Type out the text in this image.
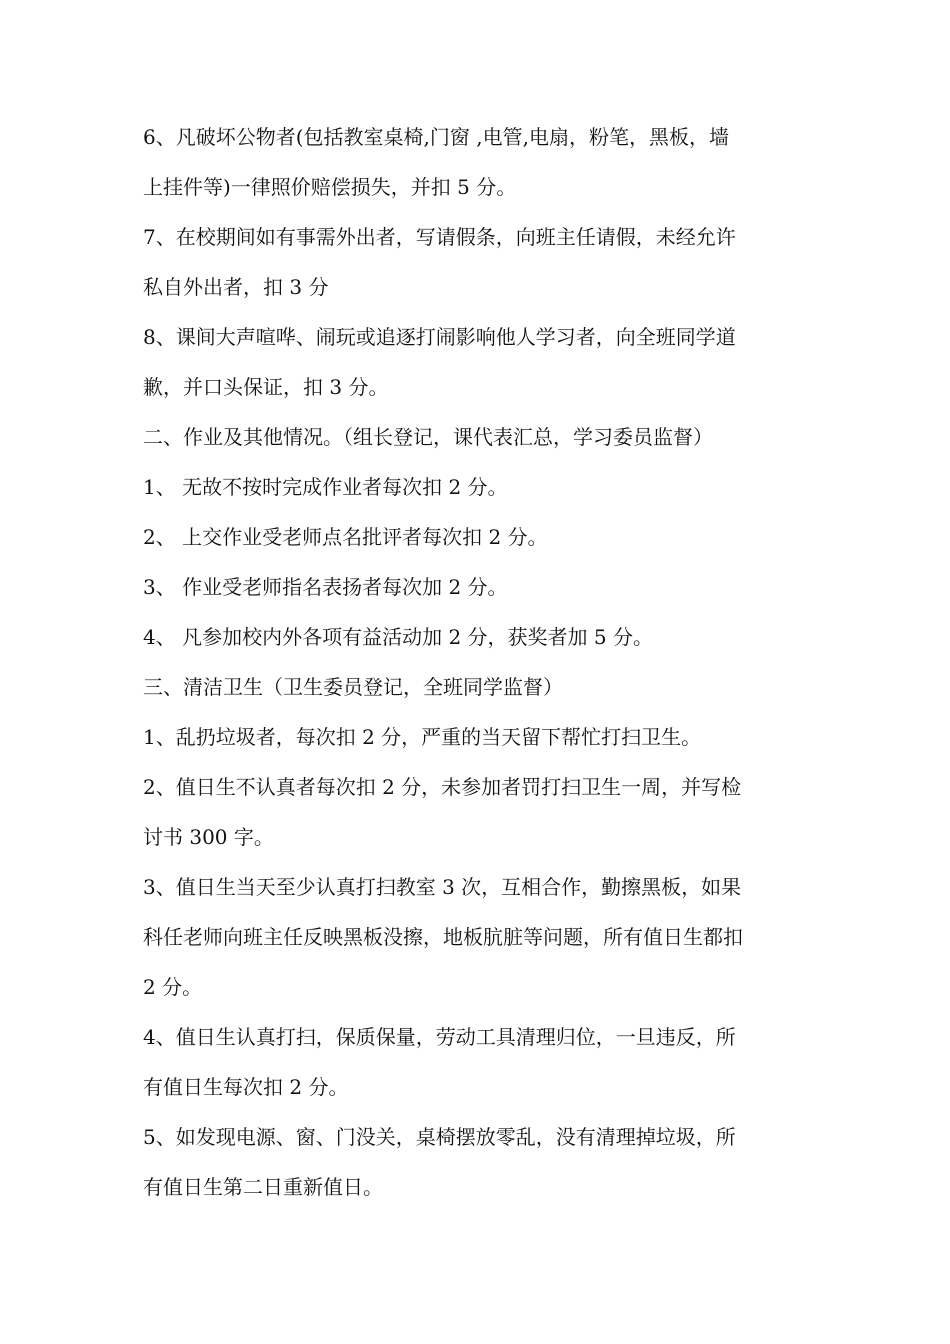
6、凡破坏公物者(包括教室桌椅,门窗 ,电管,电扇，粉笔，黑板，墙
上挂件等)一律照价赔偿损失，并扣 5 分。
7、在校期间如有事需外出者，写请假条，向班主任请假，未经允许
私自外出者，扣 3 分
8、课间大声喧哗、闹玩或追逐打闹影响他人学习者，向全班同学道
歉，并口头保证，扣 3 分。
二、作业及其他情况。（组长登记，课代表汇总，学习委员监督）
1、 无故不按时完成作业者每次扣 2 分。
2、 上交作业受老师点名批评者每次扣 2 分。
3、 作业受老师指名表扬者每次加 2 分。
4、 凡参加校内外各项有益活动加 2 分，获奖者加 5 分。
三、清洁卫生（卫生委员登记，全班同学监督）
1、乱扔垃圾者，每次扣 2 分，严重的当天留下帮忙打扫卫生。
2、值日生不认真者每次扣 2 分，未参加者罚打扫卫生一周，并写检
讨书 300 字。
3、值日生当天至少认真打扫教室 3 次，互相合作，勤擦黑板，如果
科任老师向班主任反映黑板没擦，地板肮脏等问题，所有值日生都扣
2 分。
4、值日生认真打扫，保质保量，劳动工具清理归位，一旦违反，所
有值日生每次扣 2 分。
5、如发现电源、窗、门没关，桌椅摆放零乱，没有清理掉垃圾，所
有值日生第二日重新值日。
